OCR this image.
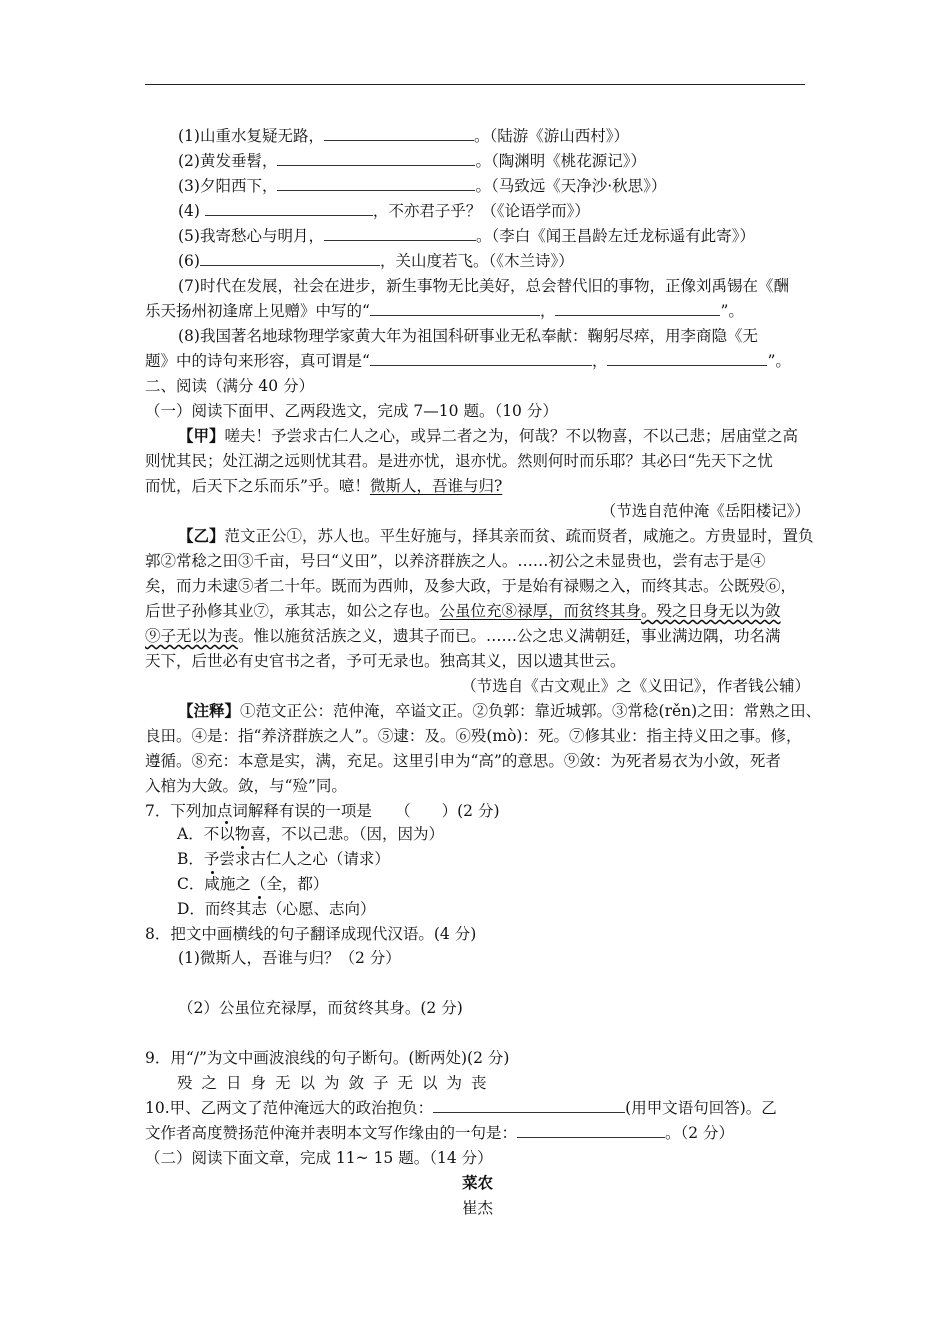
(1)山重水复疑无路，	。（陆游《游山西村》）
(2)黄发垂髫，	。（陶渊明《桃花源记》）
(3)夕阳西下，	。（马致远《天净沙·秋思》）
(4)	，不亦君子乎？（《论语学而》）
(5)我寄愁心与明月，	。（李白《闻王昌龄左迁龙标遥有此寄》）
(6)	，关山度若飞。（《木兰诗》）
(7)时代在发展，社会在进步，新生事物无比美好，总会替代旧的事物，正像刘禹锡在《酬
乐天扬州初逢席上见赠》中写的“	，	”。
(8)我国著名地球物理学家黄大年为祖国科研事业无私奉献：鞠躬尽瘁，用李商隐《无
题》中的诗句来形容，真可谓是“	，	”。
二、阅读（满分 40 分）
（一）阅读下面甲、乙两段选文，完成 7—10 题。（10 分）
【甲】嗟夫！予尝求古仁人之心，或异二者之为，何哉？不以物喜，不以己悲；居庙堂之高
则忧其民；处江湖之远则忧其君。是进亦忧，退亦忧。然则何时而乐耶？其必曰“先天下之忧
而忧，后天下之乐而乐”乎。噫！微斯人，吾谁与归?
（节选自范仲淹《岳阳楼记》）
【乙】范文正公①，苏人也。平生好施与，择其亲而贫、疏而贤者，咸施之。方贵显时，置负
郭②常稔之田③千亩，号曰“义田”，以养济群族之人。……初公之未显贵也，尝有志于是④
矣，而力未逮⑤者二十年。既而为西帅，及参大政，于是始有禄赐之入，而终其志。公既殁⑥，
后世子孙修其业⑦，承其志，如公之存也。公虽位充⑧禄厚，而贫终其身。殁之日身无以为敛
⑨子无以为丧。惟以施贫活族之义，遗其子而已。……公之忠义满朝廷，事业满边隅，功名满
天下，后世必有史官书之者，予可无录也。独高其义，因以遗其世云。
（节选自《古文观止》之《义田记》，作者钱公辅）
【注释】①范文正公：范仲淹，卒谥文正。②负郭：靠近城郭。③常稔(rěn)之田：常熟之田、
良田。④是：指“养济群族之人”。⑤逮：及。⑥殁(mò)：死。⑦修其业：指主持义田之事。修，
遵循。⑧充：本意是实，满，充足。这里引申为“高”的意思。⑨敛：为死者易衣为小敛，死者
入棺为大敛。敛，与“殓”同。
7．下列加点词解释有误的一项是　　（　　）(2 分)
A．不以物喜，不以己悲。（因，因为）
B．予尝求古仁人之心（请求）
C．咸施之（全，都）
D．而终其志（心愿、志向）
8．把文中画横线的句子翻译成现代汉语。(4 分)
(1)微斯人，吾谁与归？（2 分）
（2）公虽位充禄厚，而贫终其身。(2 分)
9．用“/”为文中画波浪线的句子断句。(断两处)(2 分)
殁之日身无以为敛子无以为丧
10.甲、乙两文了范仲淹远大的政治抱负：	(用甲文语句回答)。乙
文作者高度赞扬范仲淹并表明本文写作缘由的一句是：	。（2 分）
（二）阅读下面文章，完成 11~ 15 题。（14 分）
菜农
崔杰
